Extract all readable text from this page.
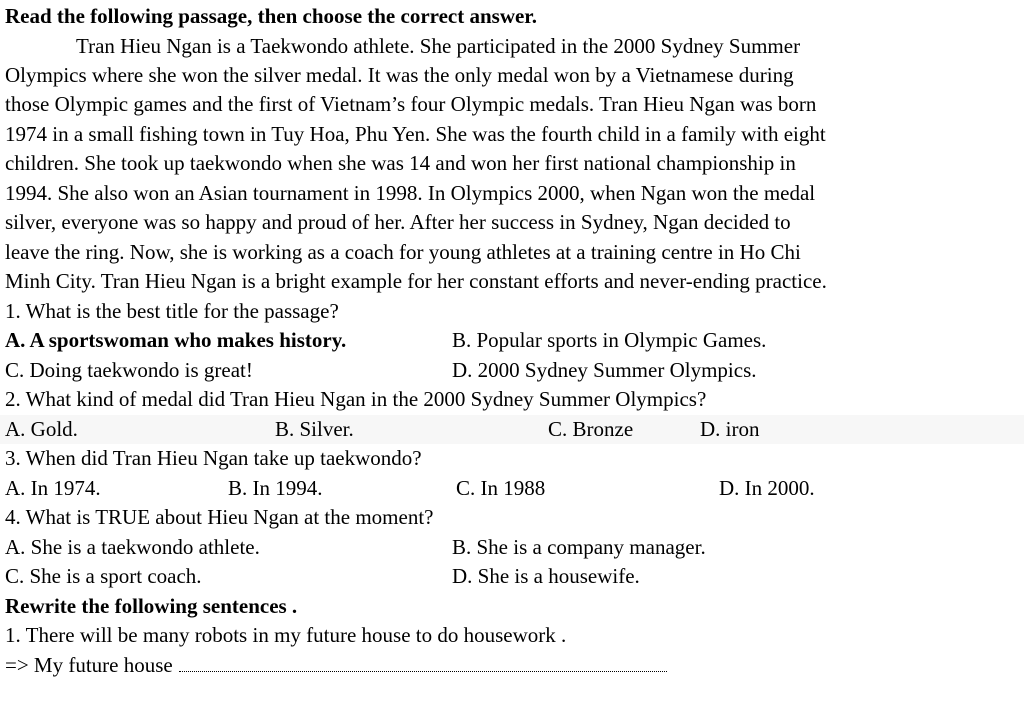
Read the following passage, then choose the correct answer.
Tran Hieu Ngan is a Taekwondo athlete. She participated in the 2000 Sydney Summer
Olympics where she won the silver medal. It was the only medal won by a Vietnamese during
those Olympic games and the first of Vietnam’s four Olympic medals. Tran Hieu Ngan was born
1974 in a small fishing town in Tuy Hoa, Phu Yen. She was the fourth child in a family with eight
children. She took up taekwondo when she was 14 and won her first national championship in
1994. She also won an Asian tournament in 1998. In Olympics 2000, when Ngan won the medal
silver, everyone was so happy and proud of her. After her success in Sydney, Ngan decided to
leave the ring. Now, she is working as a coach for young athletes at a training centre in Ho Chi
Minh City. Tran Hieu Ngan is a bright example for her constant efforts and never-ending practice.
1. What is the best title for the passage?
A. A sportswoman who makes history.	B. Popular sports in Olympic Games.
C. Doing taekwondo is great!	D. 2000 Sydney Summer Olympics.
2. What kind of medal did Tran Hieu Ngan in the 2000 Sydney Summer Olympics?
A. Gold.	B. Silver.	C. Bronze	D. iron
3. When did Tran Hieu Ngan take up taekwondo?
A. In 1974.	B. In 1994.	C. In 1988	D. In 2000.
4. What is TRUE about Hieu Ngan at the moment?
A. She is a taekwondo athlete.	B. She is a company manager.
C. She is a sport coach.	D. She is a housewife.
Rewrite the following sentences .
1. There will be many robots in my future house to do housework .
=> My future house
